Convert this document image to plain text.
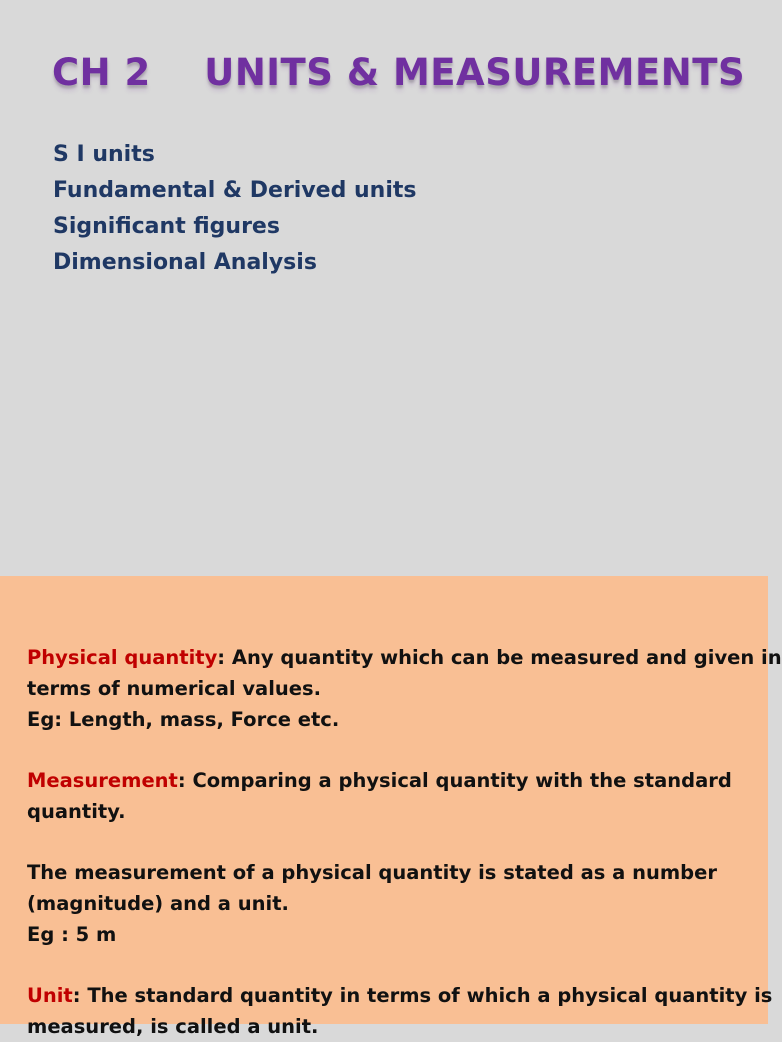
CH 2    UNITS & MEASUREMENTS
S I units
Fundamental & Derived units
Significant figures
Dimensional Analysis

Physical quantity: Any quantity which can be measured and given in
terms of numerical values.
Eg: Length, mass, Force etc.

Measurement: Comparing a physical quantity with the standard
quantity.

The measurement of a physical quantity is stated as a number
(magnitude) and a unit.
Eg : 5 m

Unit: The standard quantity in terms of which a physical quantity is
measured, is called a unit.
